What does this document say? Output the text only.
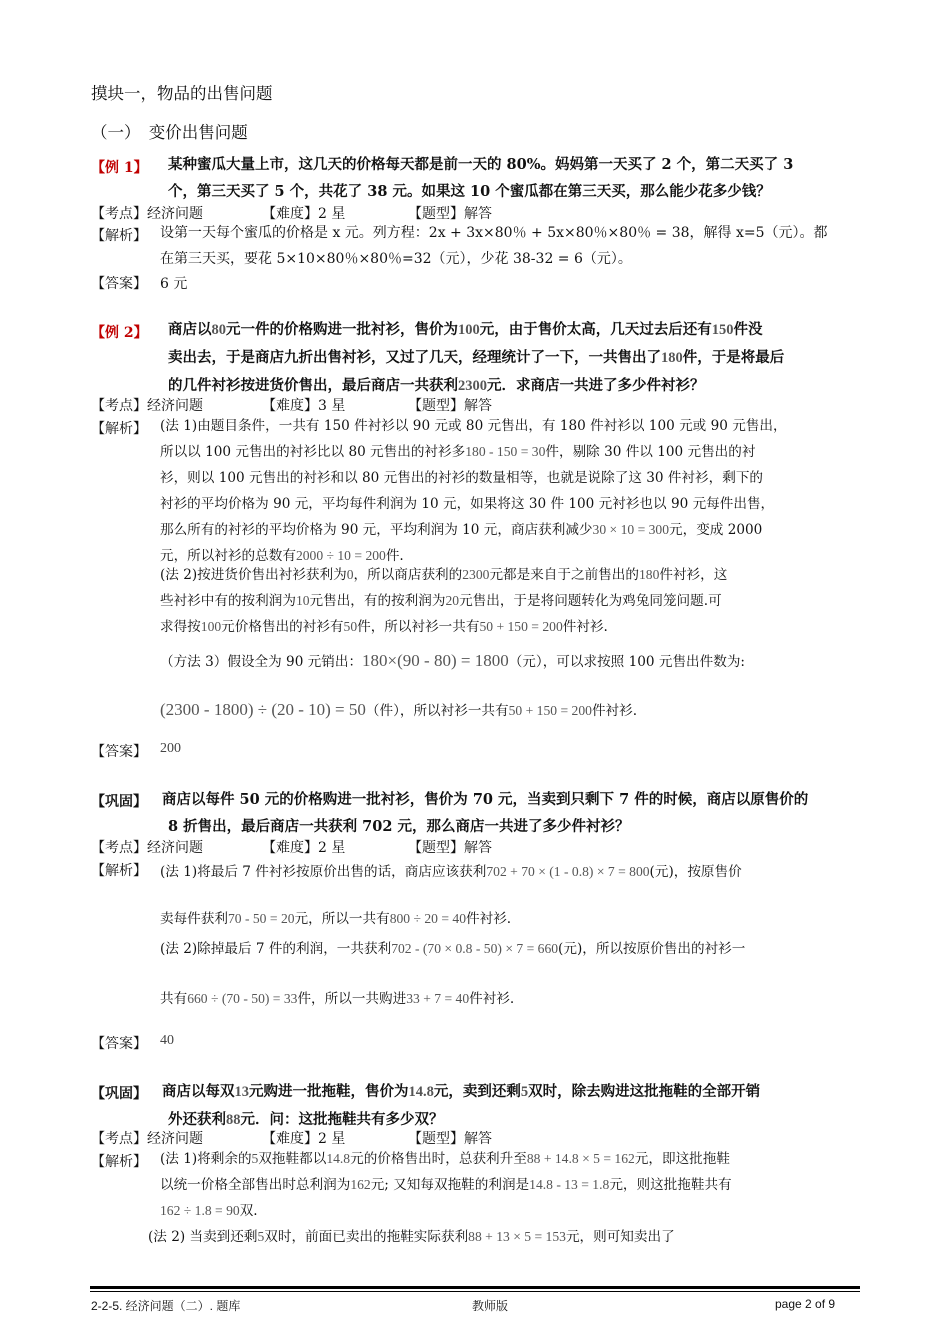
摸块一，物品的出售问题
（一）　变价出售问题
【例 1】 某种蜜瓜大量上市，这几天的价格每天都是前一天的 80%。妈妈第一天买了 2 个，第二天买了 3
个，第三天买了 5 个，共花了 38 元。如果这 10 个蜜瓜都在第三天买，那么能少花多少钱？
【考点】经济问题	【难度】2 星	【题型】解答
【解析】 设第一天每个蜜瓜的价格是 x 元。列方程：2x + 3x×80％ + 5x×80％×80％ = 38，解得 x=5（元）。都
在第三天买，要花 5×10×80％×80％=32（元），少花 38-32 = 6（元）。
【答案】 6 元
【例 2】 商店以80元一件的价格购进一批衬衫，售价为100元，由于售价太高，几天过去后还有150件没
卖出去，于是商店九折出售衬衫，又过了几天，经理统计了一下，一共售出了180件，于是将最后
的几件衬衫按进货价售出，最后商店一共获利2300元．求商店一共进了多少件衬衫？
【考点】经济问题	【难度】3 星	【题型】解答
【解析】 (法 1)由题目条件，一共有 150 件衬衫以 90 元或 80 元售出，有 180 件衬衫以 100 元或 90 元售出，
所以以 100 元售出的衬衫比以 80 元售出的衬衫多180 - 150 = 30件，剔除 30 件以 100 元售出的衬
衫，则以 100 元售出的衬衫和以 80 元售出的衬衫的数量相等，也就是说除了这 30 件衬衫，剩下的
衬衫的平均价格为 90 元，平均每件利润为 10 元，如果将这 30 件 100 元衬衫也以 90 元每件出售，
那么所有的衬衫的平均价格为 90 元，平均利润为 10 元，商店获利减少30 × 10 = 300元，变成 2000
元，所以衬衫的总数有2000 ÷ 10 = 200件.
(法 2)按进货价售出衬衫获利为0，所以商店获利的2300元都是来自于之前售出的180件衬衫，这
些衬衫中有的按利润为10元售出，有的按利润为20元售出，于是将问题转化为鸡兔同笼问题.可
求得按100元价格售出的衬衫有50件，所以衬衫一共有50 + 150 = 200件衬衫.
（方法 3）假设全为 90 元销出：180×(90 - 80) = 1800（元），可以求按照 100 元售出件数为:
(2300 - 1800) ÷ (20 - 10) = 50（件），所以衬衫一共有50 + 150 = 200件衬衫.
【答案】 200
【巩固】 商店以每件 50 元的价格购进一批衬衫，售价为 70 元，当卖到只剩下 7 件的时候，商店以原售价的
8 折售出，最后商店一共获利 702 元，那么商店一共进了多少件衬衫？
【考点】经济问题	【难度】2 星	【题型】解答
【解析】 (法 1)将最后 7 件衬衫按原价出售的话，商店应该获利702 + 70 × (1 - 0.8) × 7 = 800(元)，按原售价
卖每件获利70 - 50 = 20元，所以一共有800 ÷ 20 = 40件衬衫.
(法 2)除掉最后 7 件的利润，一共获利702 - (70 × 0.8 - 50) × 7 = 660(元)，所以按原价售出的衬衫一
共有660 ÷ (70 - 50) = 33件，所以一共购进33 + 7 = 40件衬衫.
【答案】 40
【巩固】 商店以每双13元购进一批拖鞋，售价为14.8元，卖到还剩5双时，除去购进这批拖鞋的全部开销
外还获利88元．问：这批拖鞋共有多少双？
【考点】经济问题	【难度】2 星	【题型】解答
【解析】 (法 1)将剩余的5双拖鞋都以14.8元的价格售出时，总获利升至88 + 14.8 × 5 = 162元，即这批拖鞋
以统一价格全部售出时总利润为162元; 又知每双拖鞋的利润是14.8 - 13 = 1.8元，则这批拖鞋共有
162 ÷ 1.8 = 90双.
(法 2) 当卖到还剩5双时，前面已卖出的拖鞋实际获利88 + 13 × 5 = 153元，则可知卖出了
2-2-5. 经济问题（二）. 题库	教师版	page 2 of 9
